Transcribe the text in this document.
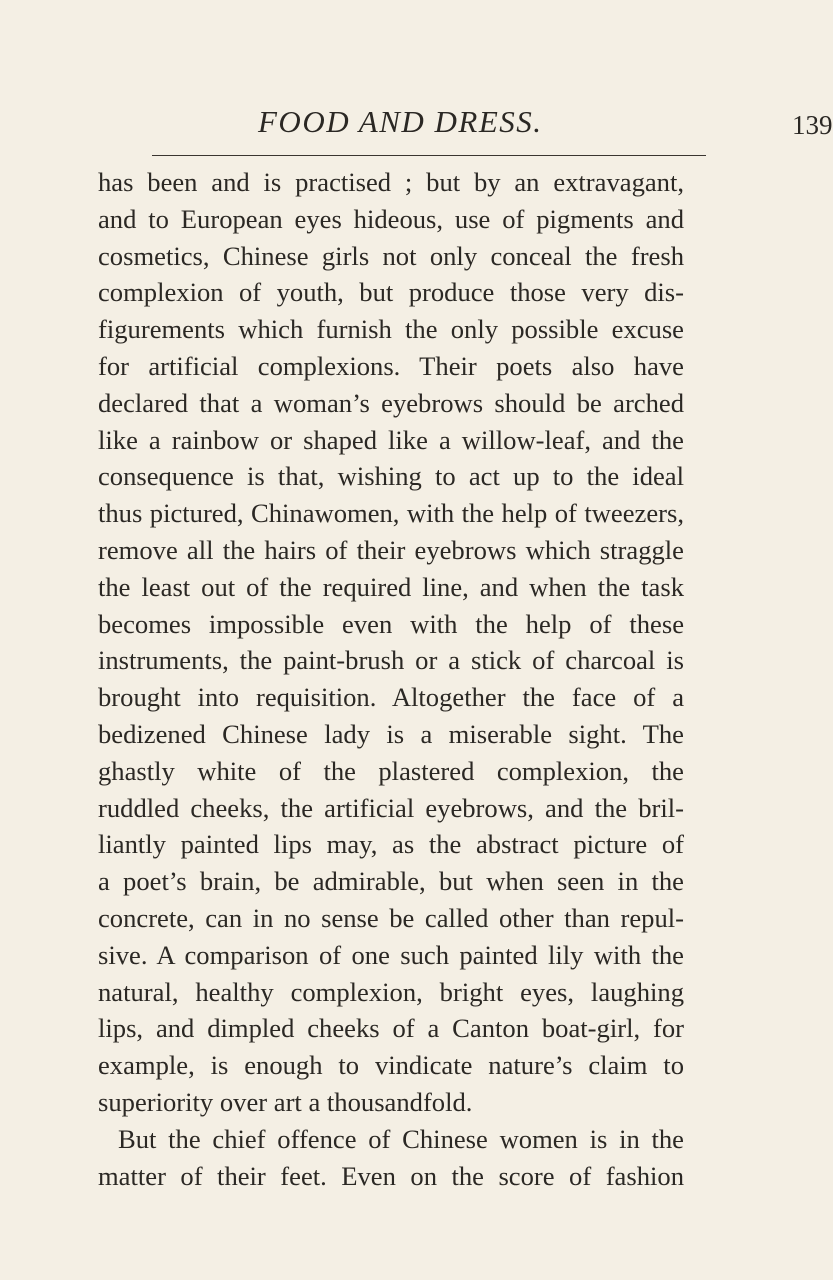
FOOD AND DRESS.	139
has been and is practised ; but by an extravagant,
and to European eyes hideous, use of pigments and
cosmetics, Chinese girls not only conceal the fresh
complexion of youth, but produce those very dis-
figurements which furnish the only possible excuse
for artificial complexions. Their poets also have
declared that a woman’s eyebrows should be arched
like a rainbow or shaped like a willow-leaf, and the
consequence is that, wishing to act up to the ideal
thus pictured, Chinawomen, with the help of tweezers,
remove all the hairs of their eyebrows which straggle
the least out of the required line, and when the task
becomes impossible even with the help of these
instruments, the paint-brush or a stick of charcoal is
brought into requisition. Altogether the face of a
bedizened Chinese lady is a miserable sight. The
ghastly white of the plastered complexion, the
ruddled cheeks, the artificial eyebrows, and the bril-
liantly painted lips may, as the abstract picture of
a poet’s brain, be admirable, but when seen in the
concrete, can in no sense be called other than repul-
sive. A comparison of one such painted lily with the
natural, healthy complexion, bright eyes, laughing
lips, and dimpled cheeks of a Canton boat-girl, for
example, is enough to vindicate nature’s claim to
superiority over art a thousandfold.
But the chief offence of Chinese women is in the
matter of their feet. Even on the score of fashion
